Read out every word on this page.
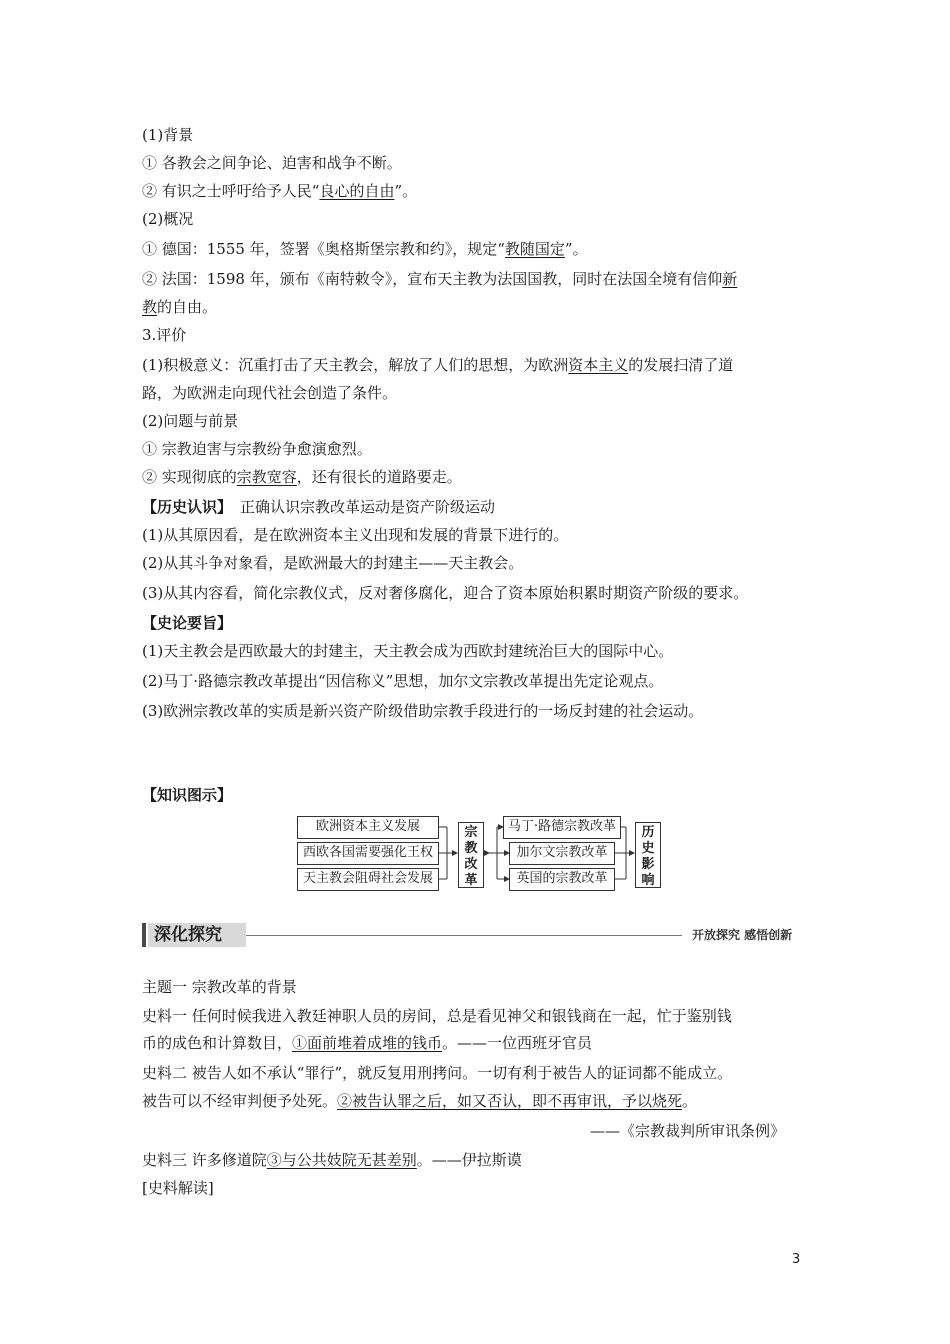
(1)背景
① 各教会之间争论、迫害和战争不断。
② 有识之士呼吁给予人民“良心的自由”。
(2)概况
① 德国：1555 年，签署《奥格斯堡宗教和约》，规定“教随国定”。
② 法国：1598 年，颁布《南特敕令》，宣布天主教为法国国教，同时在法国全境有信仰新
教的自由。
3.评价
(1)积极意义：沉重打击了天主教会，解放了人们的思想，为欧洲资本主义的发展扫清了道
路，为欧洲走向现代社会创造了条件。
(2)问题与前景
① 宗教迫害与宗教纷争愈演愈烈。
② 实现彻底的宗教宽容，还有很长的道路要走。
【历史认识】 正确认识宗教改革运动是资产阶级运动
(1)从其原因看，是在欧洲资本主义出现和发展的背景下进行的。
(2)从其斗争对象看，是欧洲最大的封建主——天主教会。
(3)从其内容看，简化宗教仪式，反对奢侈腐化，迎合了资本原始积累时期资产阶级的要求。
【史论要旨】
(1)天主教会是西欧最大的封建主，天主教会成为西欧封建统治巨大的国际中心。
(2)马丁·路德宗教改革提出“因信称义”思想，加尔文宗教改革提出先定论观点。
(3)欧洲宗教改革的实质是新兴资产阶级借助宗教手段进行的一场反封建的社会运动。
【知识图示】
欧洲资本主义发展
西欧各国需要强化王权
天主教会阻碍社会发展
宗
教
改
革
马丁·路德宗教改革
加尔文宗教改革
英国的宗教改革
历
史
影
响
深化探究	开放探究 感悟创新
主题一 宗教改革的背景
史料一 任何时候我进入教廷神职人员的房间，总是看见神父和银钱商在一起，忙于鉴别钱
币的成色和计算数目，①面前堆着成堆的钱币。——一位西班牙官员
史料二 被告人如不承认“罪行”，就反复用刑拷问。一切有利于被告人的证词都不能成立。
被告可以不经审判便予处死。②被告认罪之后，如又否认，即不再审讯，予以烧死。
——《宗教裁判所审讯条例》
史料三 许多修道院③与公共妓院无甚差别。——伊拉斯谟
[史料解读]
3
